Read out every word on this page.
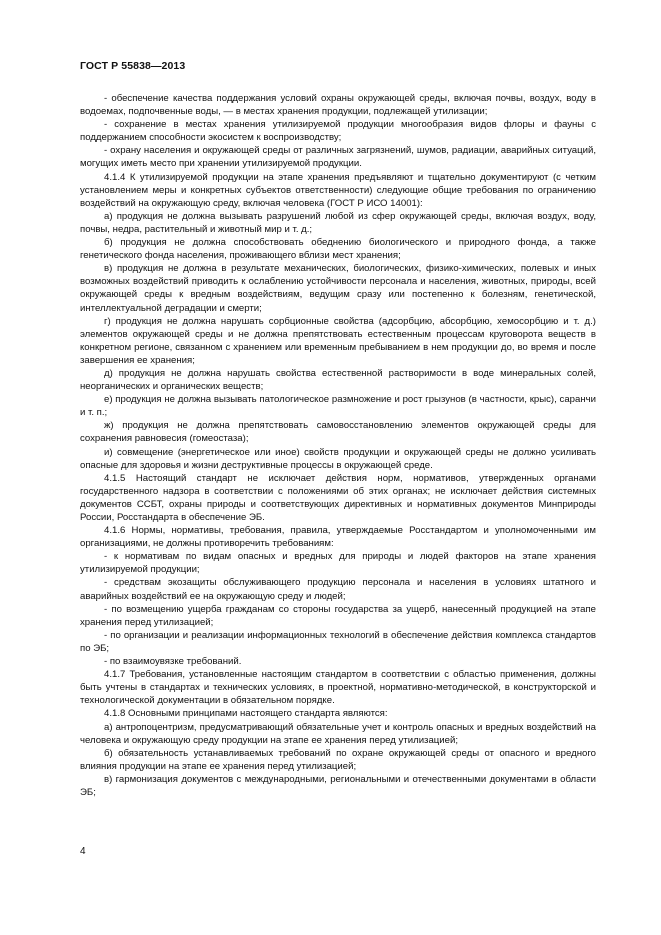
ГОСТ Р 55838—2013

- обеспечение качества поддержания условий охраны окружающей среды, включая почвы, воздух, воду в водоемах, подпочвенные воды, — в местах хранения продукции, подлежащей утилизации;

- сохранение в местах хранения утилизируемой продукции многообразия видов флоры и фауны с поддержанием способности экосистем к воспроизводству;

- охрану населения и окружающей среды от различных загрязнений, шумов, радиации, аварийных ситуаций, могущих иметь место при хранении утилизируемой продукции.

4.1.4 К утилизируемой продукции на этапе хранения предъявляют и тщательно документируют (с четким установлением меры и конкретных субъектов ответственности) следующие общие требования по ограничению воздействий на окружающую среду, включая человека (ГОСТ Р ИСО 14001):

а) продукция не должна вызывать разрушений любой из сфер окружающей среды, включая воздух, воду, почвы, недра, растительный и животный мир и т. д.;

б) продукция не должна способствовать обеднению биологического и природного фонда, а также генетического фонда населения, проживающего вблизи мест хранения;

в) продукция не должна в результате механических, биологических, физико-химических, полевых и иных возможных воздействий приводить к ослаблению устойчивости персонала и населения, животных, природы, всей окружающей среды к вредным воздействиям, ведущим сразу или постепенно к болезням, генетической, интеллектуальной деградации и смерти;

г) продукция не должна нарушать сорбционные свойства (адсорбцию, абсорбцию, хемосорбцию и т. д.) элементов окружающей среды и не должна препятствовать естественным процессам круговорота веществ в конкретном регионе, связанном с хранением или временным пребыванием в нем продукции до, во время и после завершения ее хранения;

д) продукция не должна нарушать свойства естественной растворимости в воде минеральных солей, неорганических и органических веществ;

е) продукция не должна вызывать патологическое размножение и рост грызунов (в частности, крыс), саранчи и т. п.;

ж) продукция не должна препятствовать самовосстановлению элементов окружающей среды для сохранения равновесия (гомеостаза);

и) совмещение (энергетическое или иное) свойств продукции и окружающей среды не должно усиливать опасные для здоровья и жизни деструктивные процессы в окружающей среде.

4.1.5 Настоящий стандарт не исключает действия норм, нормативов, утвержденных органами государственного надзора в соответствии с положениями об этих органах; не исключает действия системных документов ССБТ, охраны природы и соответствующих директивных и нормативных документов Минприроды России, Росстандарта в обеспечение ЭБ.

4.1.6 Нормы, нормативы, требования, правила, утверждаемые Росстандартом и уполномоченными им организациями, не должны противоречить требованиям:

- к нормативам по видам опасных и вредных для природы и людей факторов на этапе хранения утилизируемой продукции;

- средствам экозащиты обслуживающего продукцию персонала и населения в условиях штатного и аварийных воздействий ее на окружающую среду и людей;

- по возмещению ущерба гражданам со стороны государства за ущерб, нанесенный продукцией на этапе хранения перед утилизацией;

- по организации и реализации информационных технологий в обеспечение действия комплекса стандартов по ЭБ;

- по взаимоувязке требований.

4.1.7 Требования, установленные настоящим стандартом в соответствии с областью применения, должны быть учтены в стандартах и технических условиях, в проектной, нормативно-методической, в конструкторской и технологической документации в обязательном порядке.

4.1.8 Основными принципами настоящего стандарта являются:

а) антропоцентризм, предусматривающий обязательные учет и контроль опасных и вредных воздействий на человека и окружающую среду продукции на этапе ее хранения перед утилизацией;

б) обязательность устанавливаемых требований по охране окружающей среды от опасного и вредного влияния продукции на этапе ее хранения перед утилизацией;

в) гармонизация документов с международными, региональными и отечественными документами в области ЭБ;

4
